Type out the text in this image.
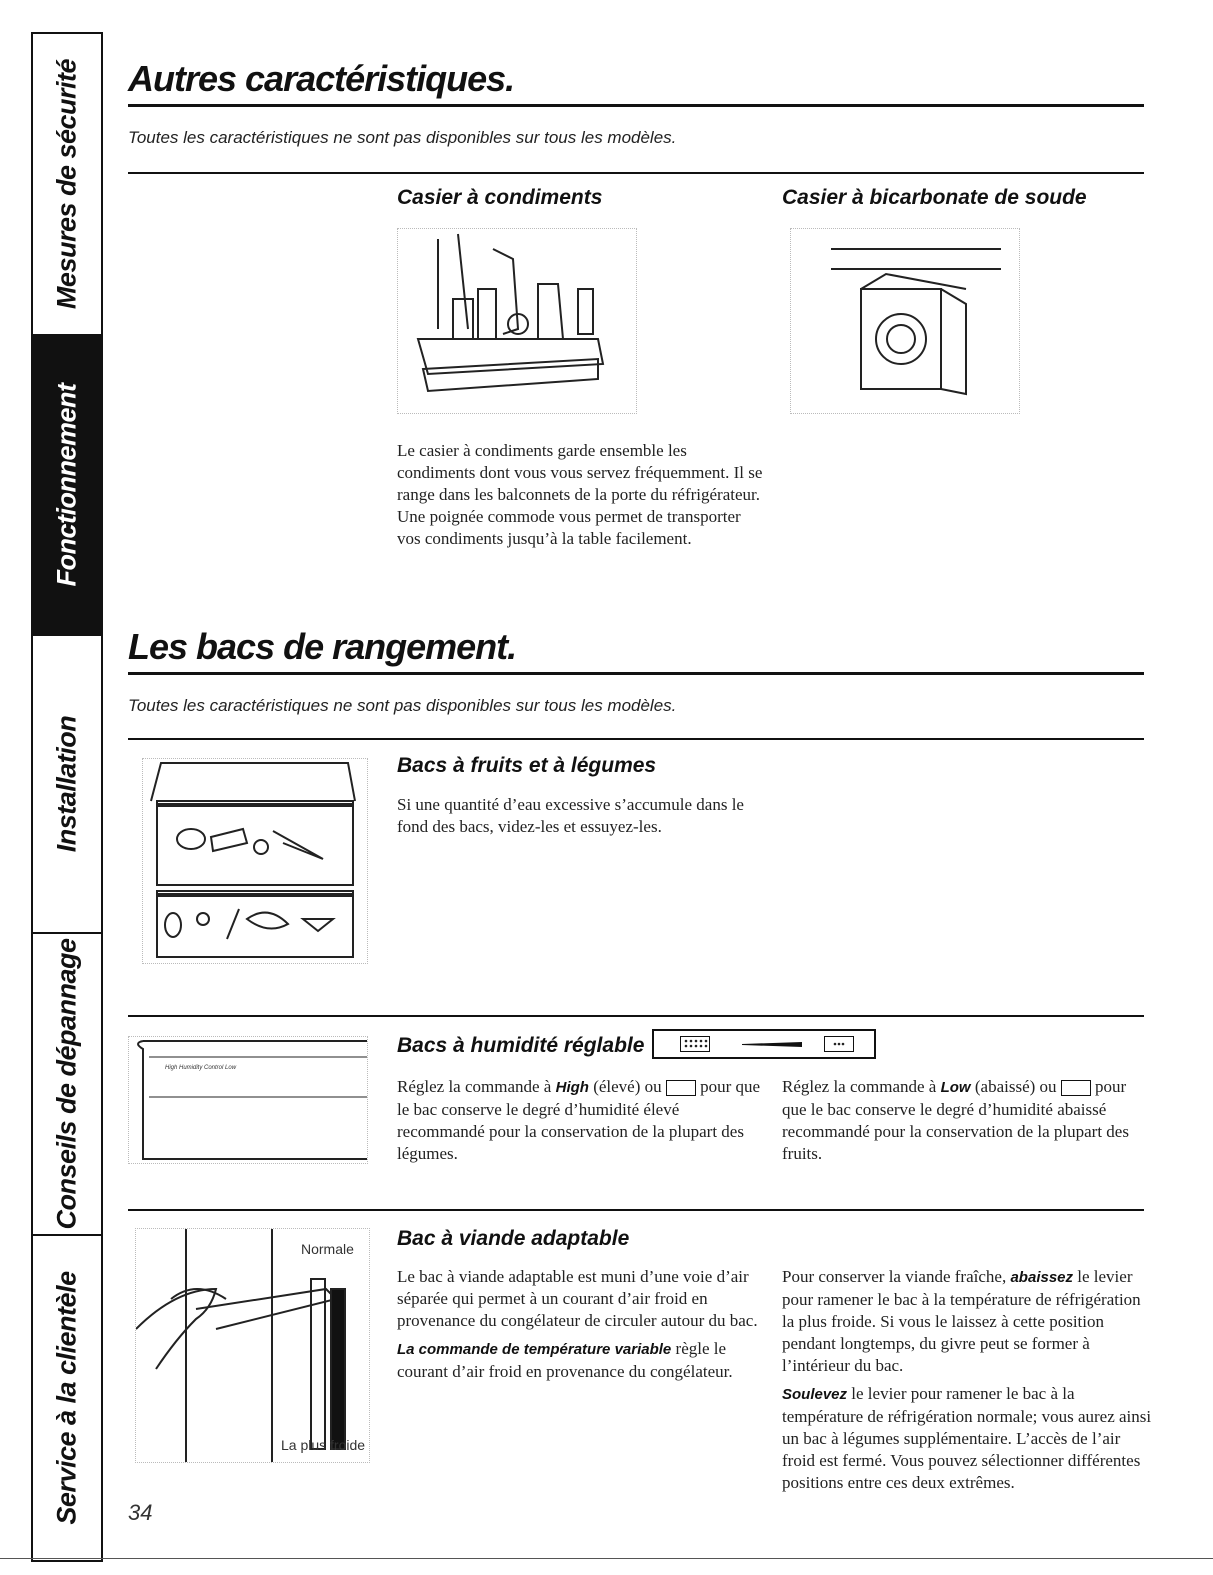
Mesures de sécurité
Fonctionnement
Installation
Conseils de dépannage
Service à la clientèle
Autres caractéristiques.
Toutes les caractéristiques ne sont pas disponibles sur tous les modèles.
Casier à condiments	Casier à bicarbonate de soude
Le casier à condiments garde ensemble les condiments dont vous vous servez fréquemment. Il se range dans les balconnets de la porte du réfrigérateur. Une poignée commode vous permet de transporter vos condiments jusqu’à la table facilement.
Les bacs de rangement.
Toutes les caractéristiques ne sont pas disponibles sur tous les modèles.
Bacs à fruits et à légumes
Si une quantité d’eau excessive s’accumule dans le fond des bacs, videz-les et essuyez-les.
High Humidity Control Low
Bacs à humidité réglable
Réglez la commande à High (élevé) ou  pour que le bac conserve le degré d’humidité élevé recommandé pour la conservation de la plupart des légumes.
Réglez la commande à Low (abaissé) ou  pour que le bac conserve le degré d’humidité abaissé recommandé pour la conservation de la plupart des fruits.
Normale
La plus froide
Bac à viande adaptable

Le bac à viande adaptable est muni d’une voie d’air séparée qui permet à un courant d’air froid en provenance du congélateur de circuler autour du bac.

La commande de température variable règle le courant d’air froid en provenance du congélateur.

Pour conserver la viande fraîche, abaissez le levier pour ramener le bac à la température de réfrigération la plus froide. Si vous le laissez à cette position pendant longtemps, du givre peut se former à l’intérieur du bac.

Soulevez le levier pour ramener le bac à la température de réfrigération normale; vous aurez ainsi un bac à légumes supplémentaire. L’accès de l’air froid est fermé. Vous pouvez sélectionner différentes positions entre ces deux extrêmes.

34
